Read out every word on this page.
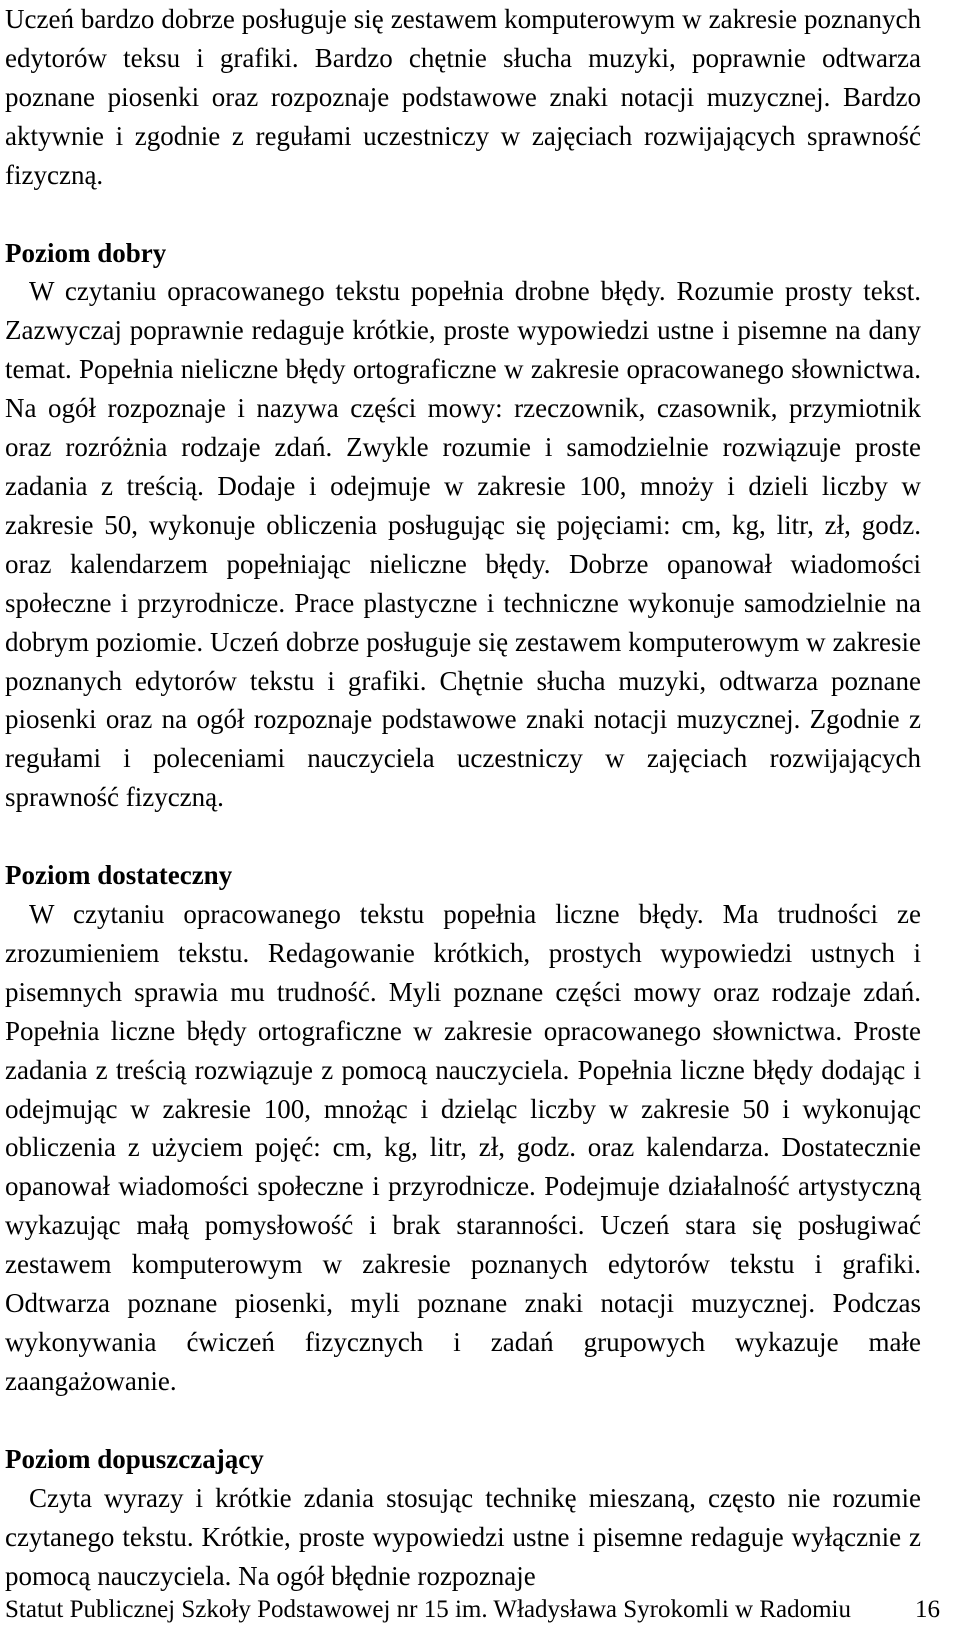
Uczeń bardzo dobrze posługuje się zestawem komputerowym w zakresie poznanych edytorów teksu i grafiki. Bardzo chętnie słucha muzyki, poprawnie odtwarza poznane piosenki oraz rozpoznaje podstawowe znaki notacji muzycznej. Bardzo aktywnie i zgodnie z regułami uczestniczy w zajęciach rozwijających sprawność fizyczną.

Poziom dobry

W czytaniu opracowanego tekstu popełnia drobne błędy. Rozumie prosty tekst. Zazwyczaj poprawnie redaguje krótkie, proste wypowiedzi ustne i pisemne na dany temat. Popełnia nieliczne błędy ortograficzne w zakresie opracowanego słownictwa. Na ogół rozpoznaje i nazywa części mowy: rzeczownik, czasownik, przymiotnik oraz rozróżnia rodzaje zdań. Zwykle rozumie i samodzielnie rozwiązuje proste zadania z treścią. Dodaje i odejmuje w zakresie 100, mnoży i dzieli liczby w zakresie 50, wykonuje obliczenia posługując się pojęciami: cm, kg, litr, zł, godz. oraz kalendarzem popełniając nieliczne błędy. Dobrze opanował wiadomości społeczne i przyrodnicze. Prace plastyczne i techniczne wykonuje samodzielnie na dobrym poziomie. Uczeń dobrze posługuje się zestawem komputerowym w zakresie poznanych edytorów tekstu i grafiki. Chętnie słucha muzyki, odtwarza poznane piosenki oraz na ogół rozpoznaje podstawowe znaki notacji muzycznej. Zgodnie z regułami i poleceniami nauczyciela uczestniczy w zajęciach rozwijających sprawność fizyczną.

Poziom dostateczny

W czytaniu opracowanego tekstu popełnia liczne błędy. Ma trudności ze zrozumieniem tekstu. Redagowanie krótkich, prostych wypowiedzi ustnych i pisemnych sprawia mu trudność. Myli poznane części mowy oraz rodzaje zdań. Popełnia liczne błędy ortograficzne w zakresie opracowanego słownictwa. Proste zadania z treścią rozwiązuje z pomocą nauczyciela. Popełnia liczne błędy dodając i odejmując w zakresie 100, mnożąc i dzieląc liczby w zakresie 50 i wykonując obliczenia z użyciem pojęć: cm, kg, litr, zł, godz. oraz kalendarza. Dostatecznie opanował wiadomości społeczne i przyrodnicze. Podejmuje działalność artystyczną wykazując małą pomysłowość i brak staranności. Uczeń stara się posługiwać zestawem komputerowym w zakresie poznanych edytorów tekstu i grafiki. Odtwarza poznane piosenki, myli poznane znaki notacji muzycznej. Podczas wykonywania ćwiczeń fizycznych i zadań grupowych wykazuje małe zaangażowanie.

Poziom dopuszczający

Czyta wyrazy i krótkie zdania stosując technikę mieszaną, często nie rozumie czytanego tekstu. Krótkie, proste wypowiedzi ustne i pisemne redaguje wyłącznie z pomocą nauczyciela. Na ogół błędnie rozpoznaje

Statut Publicznej Szkoły Podstawowej nr 15 im. Władysława Syrokomli w Radomiu	16
